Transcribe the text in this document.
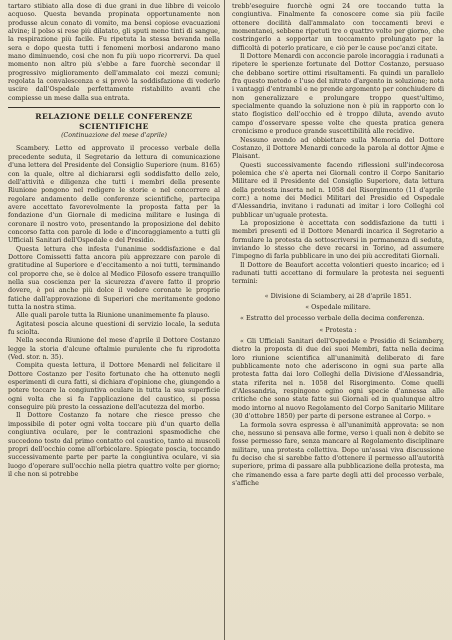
tartaro stibiato alla dose di due grani in due libbre di veicolo acquoso. Questa bevanda propinata opportunamente non produsse alcun conato di vomito, ma bensì copiose evacuazioni alvine; il polso si rese più dilatato, gli sputi meno tinti di sangue, la respirazione più facile. Fu ripetuta la stessa bevanda nella sera e dopo questa tutti i fenomeni morbosi andarono mano mano diminuendo, cosi che non fu più uopo ricorrervi. Da quel momento non altro più s'ebbe a fare fuorchè secondar il progressivo miglioramento dell'ammalato coi mezzi comuni; regolata la convalescenza e si provò la soddisfazione di vederlo uscire dall'Ospedale perfettamente ristabilito avanti che compiesse un mese dalla sua entrata.

RELAZIONE DELLE CONFERENZE SCIENTIFICHE
(Continuazione del mese d'aprile)

Scambery. Letto ed approvato il processo verbale della precedente seduta, il Segretario da lettura di comunicazione d'una lettera del Presidente del Consiglio Superiore (num. 8165) con la quale, oltre al dichiararsi egli soddisfatto dello zelo, dell'attività e diligenza che tutti i membri della presente Riunione pongono nel redigere le storie e nel concorrere al regolare andamento delle conferenze scientifiche, partecipa avere accettato favorevolmente la proposta fatta per la fondazione d'un Giornale di medicina militare e lusinga di coronare il nostro voto, presentando la proposizione del debito concorso fatta con parole di lode e d'incoraggiamento a tutti gli Ufficiali Sanitari dell'Ospedale e del Presidio.

Questa lettura che infesta l'unanime soddisfazione e dal Dottore Comissetti fatta ancora più apprezzare con parole di gratitudine al Superiore e d'eccitamento a noi tutti, terminando col proporre che, se è dolce al Medico Filosofo essere tranquillo nella sua coscienza per la sicurezza d'avere fatto il proprio dovere, è poi anche più dolce il vedere coronate le proprie fatiche dall'approvazione di Superiori che meritamente godono tutta la nostra stima.

Alle quali parole tutta la Riunione unanimemente fa plauso.

Agitatesi poscia alcune questioni di servizio locale, la seduta fu sciolta.

Nella seconda Riunione del mese d'aprile il Dottore Costanzo legge la storia d'alcune oftalmie purulente che fu riprodotta (Ved. stor. n. 35).

Compita questa lettura, il Dottore Menardi nel felicitare il Dottore Costanzo per l'esito fortunato che ha ottenuto negli esperimenti di cura fatti, si dichiara d'opinione che, giungendo a potere toccare la congiuntiva oculare in tutta la sua superficie ogni volta che si fa l'applicazione del caustico, si possa conseguire più presto la cessazione dell'acutezza del morbo.

Il Dottore Costanzo fa notare che riesce presso che impossibile di poter ogni volta toccare più d'un quarto della congiuntiva oculare, per le contrazioni spasmodiche che succedono tosto dal primo contatto col caustico, tanto ai muscoli propri dell'occhio come all'orbicolare. Spiegate poscia, toccando successivamente parte per parte la congiuntiva oculare, vi sia luogo d'operare sull'occhio nella pietra quattro volte per giorno; il che non si potrebbe

trebb'eseguire fuorchè ogni 24 ore toccando tutta la congiuntiva. Finalmente fa conoscere come sia più facile ottenere docilità dall'ammalato con toccamenti brevi e momentanei, sebbene ripetuti tre o quattro volte per giorno, che costringerlo a sopportar un toccamento prolungato per la difficoltà di poterlo praticare, e ciò per le cause poc'anzi citate.

Il Dottore Menardi con acconcie parole incoraggia i radunati a ripetere le sperienze fortunate del Dottor Costanzo, persuaso che debbano sortire ottimi risultamenti. Fa quindi un parallelo fra questo metodo e l'uso del nitrato d'argento in soluzione; nota i vantaggi d'entrambi e ne prende argomento per conchiudere di non generalizzare e prolungare troppo quest'ultimo, specialmente quando la soluzione non è più in rapporto con lo stato flogistico dell'occhio ed è troppo diluta, avendo avuto campo d'osservare spesse volte che questa pratica genera cronicismo e produce grande suscettibilità alle recidive.

Nessuno avendo ad obbiettare sulla Memoria del Dottore Costanzo, il Dottore Menardi concede la parola al dottor Ajme e Plaisant.

Questi successivamente facendo riflessioni sull'indecorosa polemica che s'è aperta nei Giornali contro il Corpo Sanitario Militare ed il Presidente del Consiglio Superiore, data lettura della protesta inserta nel n. 1058 del Risorgimento (11 d'aprile corr.) a nome dei Medici Militari del Presidio ed Ospedale d'Alessandria, invitano i radunati ad imitar i loro Colleghi col pubblicar un'uguale protesta.

La proposizione è accettata con soddisfazione da tutti i membri presenti ed il Dottore Menardi incarica il Segretario a formulare la protesta da sottoscriversi in permanenza di seduta, inviando lo stesso che deve recarsi in Torino, ad assumere l'impegno di farla pubblicare in uno dei più accreditati Giornali.

Il Dottore de Beaufort accetta volontieri questo incarico; ed i radunati tutti accettano di formulare la protesta nei seguenti termini:

« Divisione di Sciambery, ai 28 d'aprile 1851.

« Ospedale militare.

« Estratto del processo verbale della decima conferenza.

« Protesta :

« Gli Ufficiali Sanitari dell'Ospedale e Presidio di Sciambery, dietro la proposta di due dei suoi Membri, fatta nella decima loro riunione scientifica all'unanimità deliberato di fare pubblicamente noto che aderiscono in ogni sua parte alla protesta fatta dai loro Colleghi della Divisione d'Alessandria, stata riferita nel n. 1058 del Risorgimento. Come quelli d'Alessandria, respingono egino ogni specie d'annessa alle critiche che sono state fatte sui Giornali ed in qualunque altro modo intorno al nuovo Regolamento del Corpo Sanitario Militare (30 d'ottobre 1850) per parte di persone estranee al Corpo. »

La formola sovra espressa è all'unanimità approvata: se non che, nessuno si pensava alle forme, verso i quali non è debito se fosse permesso fare, senza mancare al Regolamento disciplinare militare, una protesta collettiva. Dopo un'assai viva discussione fu deciso che si sarebbe fatto d'ottenere il permesso all'autorità superiore, prima di passare alla pubblicazione della protesta, ma che rimanendo essa a fare parte degli atti del processo verbale, s'affiche
